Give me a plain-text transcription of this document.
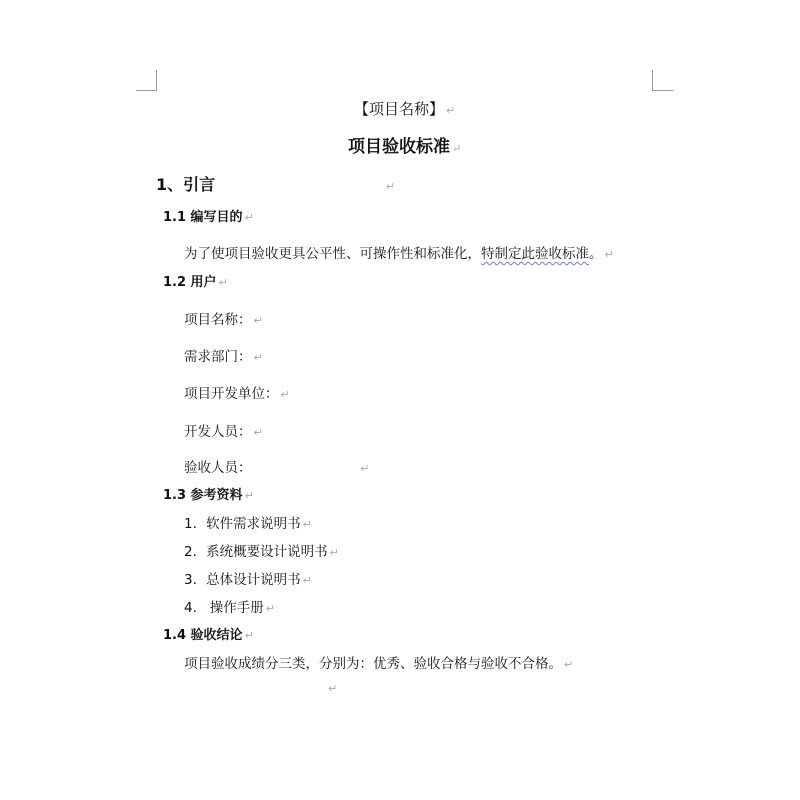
【项目名称】 ↵
项目验收标准 ↵
1、引言↵
1.1 编写目的 ↵
为了使项目验收更具公平性、可操作性和标准化，特制定此验收标准。 ↵
1.2 用户 ↵
项目名称： ↵
需求部门： ↵
项目开发单位： ↵
开发人员： ↵
验收人员：↵
1.3 参考资料 ↵
1．软件需求说明书 ↵
2．系统概要设计说明书 ↵
3．总体设计说明书 ↵
4.   操作手册 ↵
1.4 验收结论 ↵
项目验收成绩分三类，分别为：优秀、验收合格与验收不合格。 ↵
↵
